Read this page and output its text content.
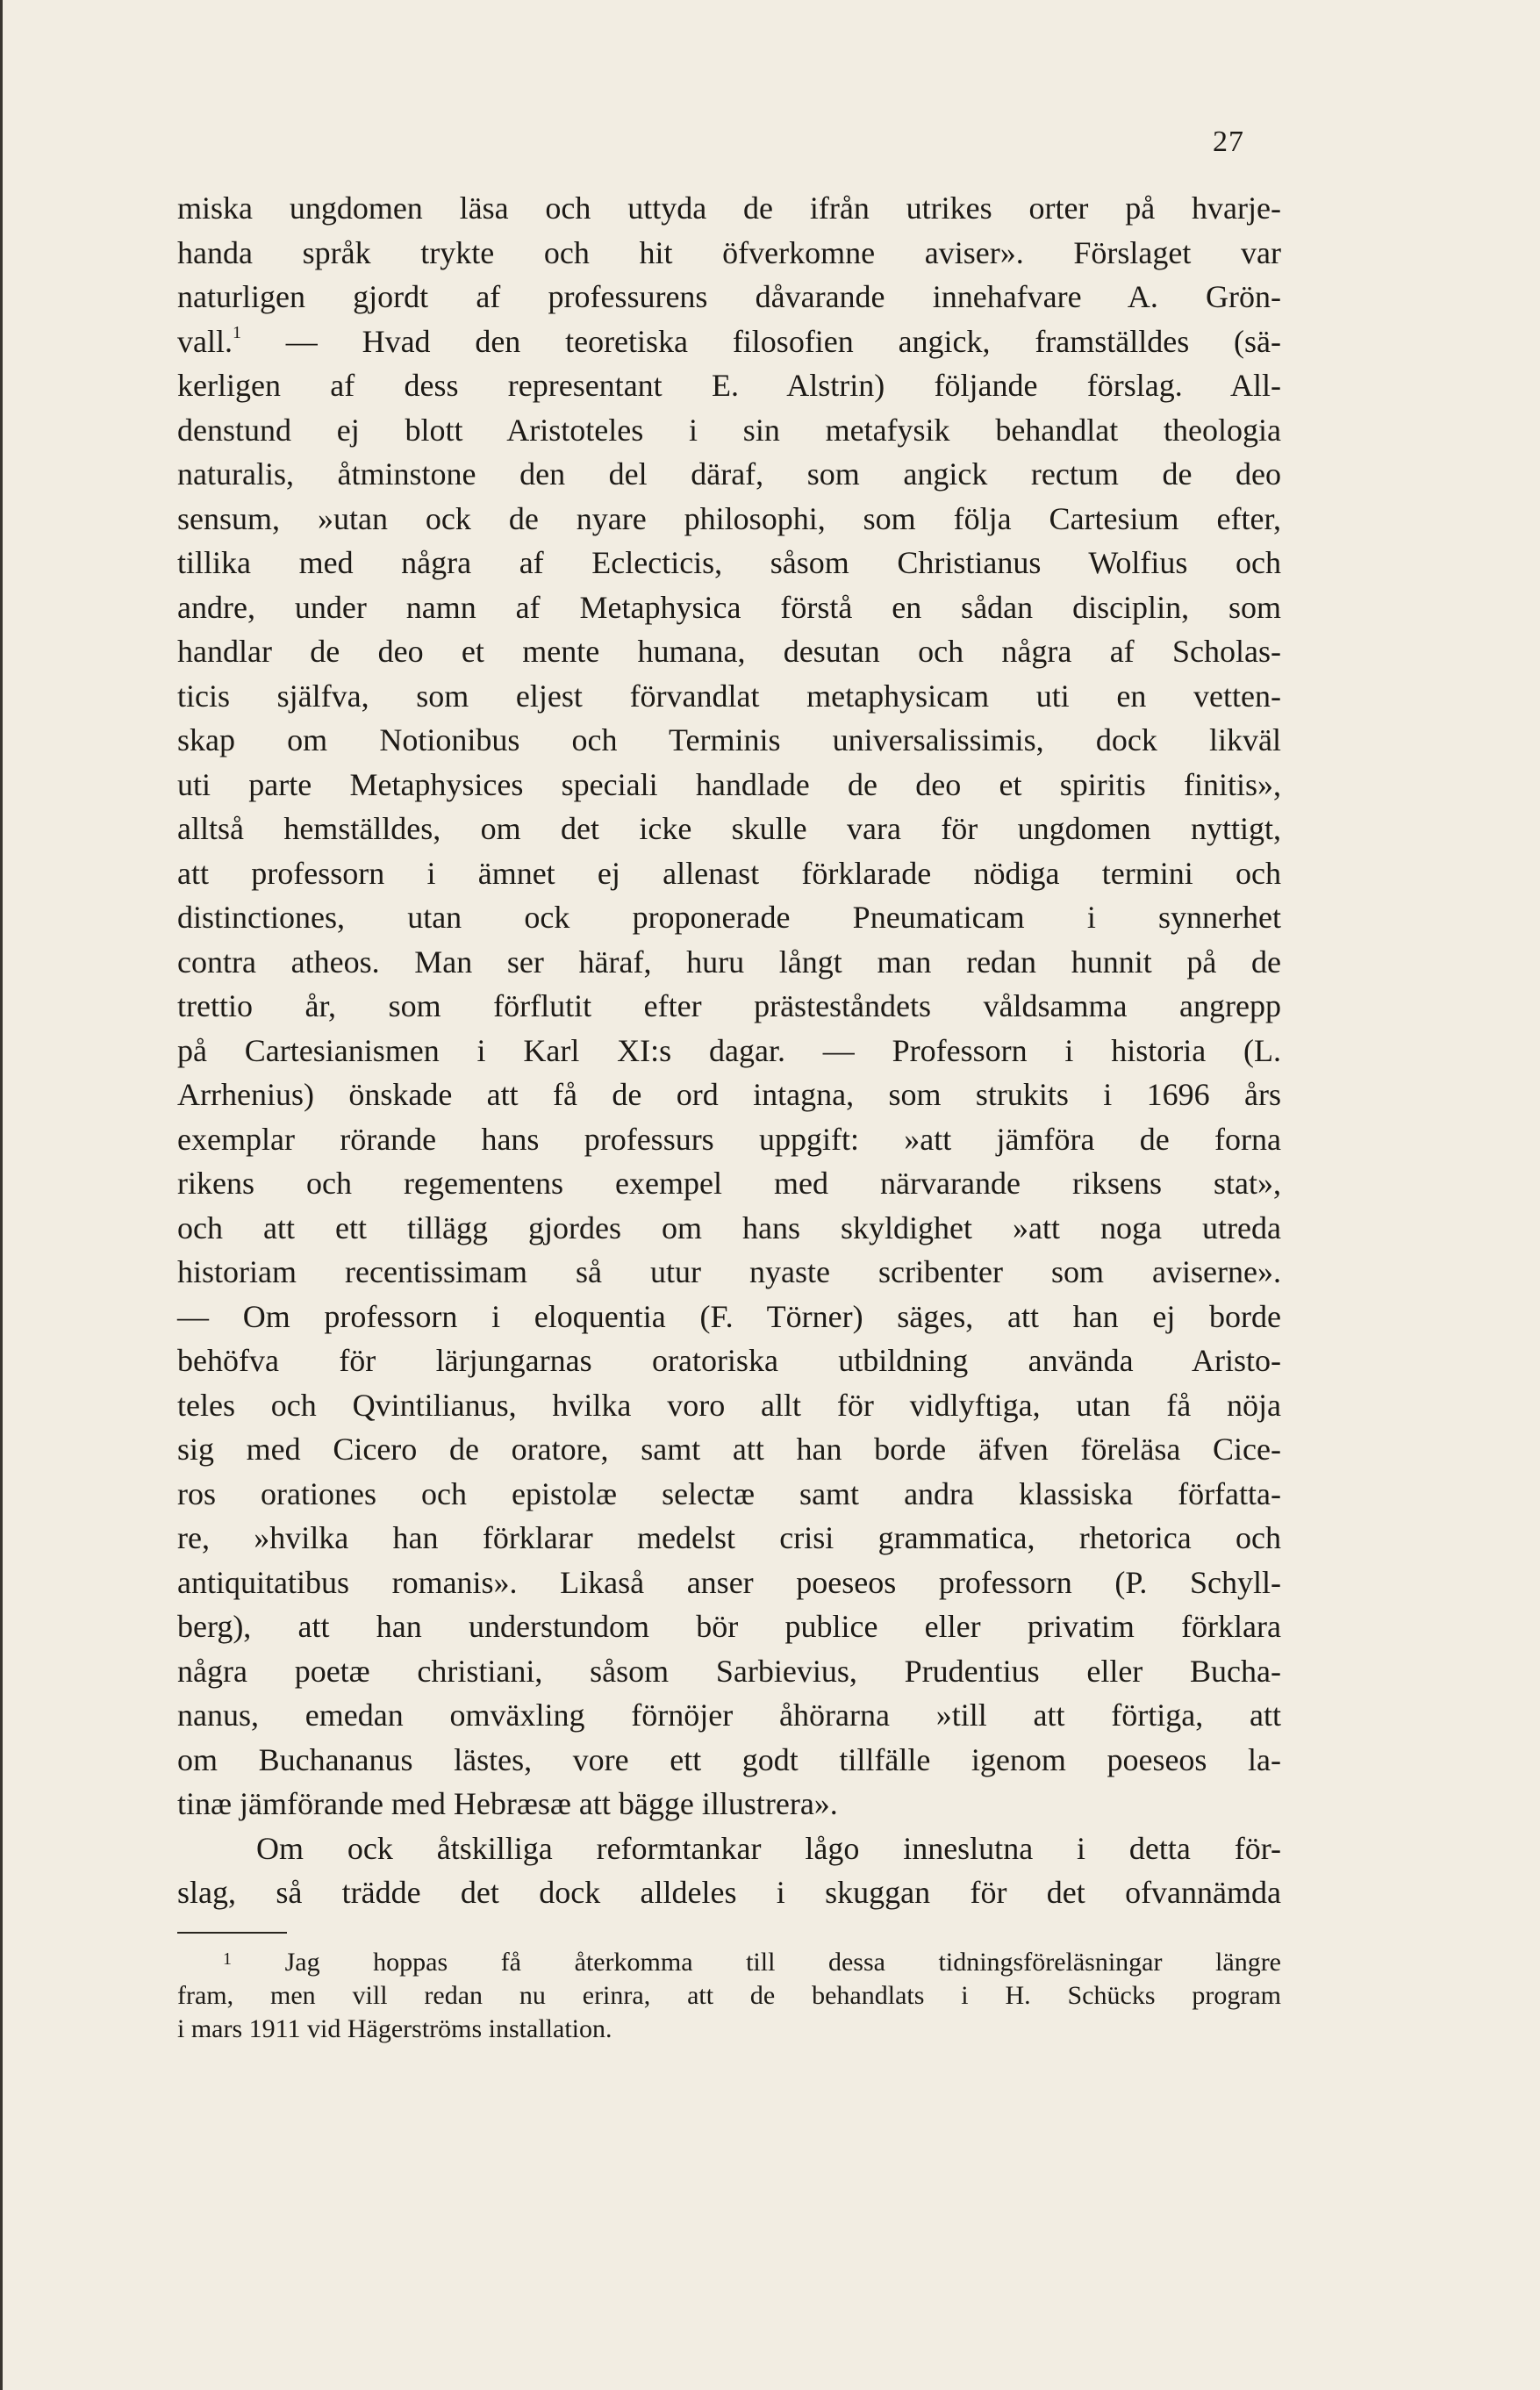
27
miska ungdomen läsa och uttyda de ifrån utrikes orter på hvarje-
handa språk trykte och hit öfverkomne aviser». Förslaget var
naturligen gjordt af professurens dåvarande innehafvare A. Grön-
vall.$^1$ — Hvad den teoretiska filosofien angick, framställdes (sä-
kerligen af dess representant E. Alstrin) följande förslag. All-
denstund ej blott Aristoteles i sin metafysik behandlat theologia
naturalis, åtminstone den del däraf, som angick rectum de deo
sensum, »utan ock de nyare philosophi, som följa Cartesium efter,
tillika med några af Eclecticis, såsom Christianus Wolfius och
andre, under namn af Metaphysica förstå en sådan disciplin, som
handlar de deo et mente humana, desutan och några af Scholas-
ticis själfva, som eljest förvandlat metaphysicam uti en vetten-
skap om Notionibus och Terminis universalissimis, dock likväl
uti parte Metaphysices speciali handlade de deo et spiritis finitis»,
alltså hemställdes, om det icke skulle vara för ungdomen nyttigt,
att professorn i ämnet ej allenast förklarade nödiga termini och
distinctiones, utan ock proponerade Pneumaticam i synnerhet
contra atheos. Man ser häraf, huru långt man redan hunnit på de
trettio år, som förflutit efter prästeståndets våldsamma angrepp
på Cartesianismen i Karl XI:s dagar. — Professorn i historia (L.
Arrhenius) önskade att få de ord intagna, som strukits i 1696 års
exemplar rörande hans professurs uppgift: »att jämföra de forna
rikens och regementens exempel med närvarande riksens stat»,
och att ett tillägg gjordes om hans skyldighet »att noga utreda
historiam recentissimam så utur nyaste scribenter som aviserne».
— Om professorn i eloquentia (F. Törner) säges, att han ej borde
behöfva för lärjungarnas oratoriska utbildning använda Aristo-
teles och Qvintilianus, hvilka voro allt för vidlyftiga, utan få nöja
sig med Cicero de oratore, samt att han borde äfven föreläsa Cice-
ros orationes och epistolæ selectæ samt andra klassiska författa-
re, »hvilka han förklarar medelst crisi grammatica, rhetorica och
antiquitatibus romanis». Likaså anser poeseos professorn (P. Schyll-
berg), att han understundom bör publice eller privatim förklara
några poetæ christiani, såsom Sarbievius, Prudentius eller Bucha-
nanus, emedan omväxling förnöjer åhörarna »till att förtiga, att
om Buchananus lästes, vore ett godt tillfälle igenom poeseos la-
tinæ jämförande med Hebræsæ att bägge illustrera».
Om ock åtskilliga reformtankar lågo inneslutna i detta för-
slag, så trädde det dock alldeles i skuggan för det ofvannämda
$^1$ Jag hoppas få återkomma till dessa tidningsföreläsningar längre
fram, men vill redan nu erinra, att de behandlats i H. Schücks program
i mars 1911 vid Hägerströms installation.
